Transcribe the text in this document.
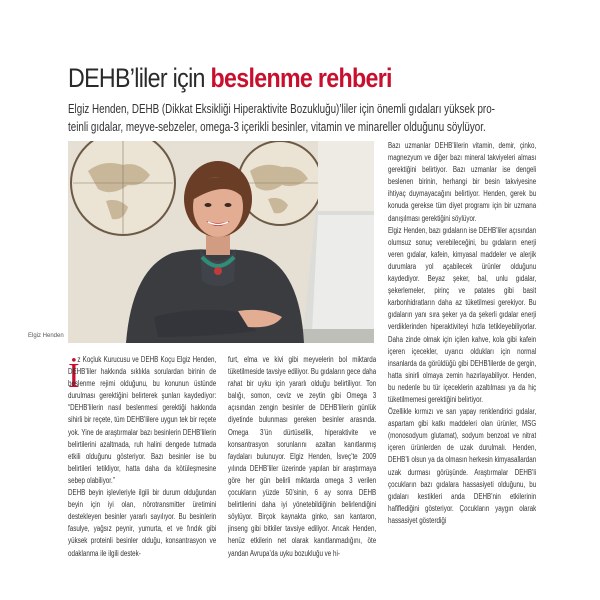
DEHB’liler için beslenme rehberi

Elgiz Henden, DEHB (Dikkat Eksikliği Hiperaktivite Bozukluğu)’liler için önemli gıdaları yüksek pro-
teinli gıdalar, meyve-sebzeler, omega-3 içerikli besinler, vitamin ve minareller olduğunu söylüyor.

Elgiz Henden
İ

z Koçluk Kurucusu ve DEHB Koçu Elgiz Henden, DEHB’liler hakkında sıklıkla sorulardan birinin de beslenme rejimi olduğunu, bu konunun üstünde durulması gerektiğini belirterek şunları kaydediyor: “DEHB’lilerin nasıl beslenmesi gerektiği hakkında sihirli bir reçete, tüm DEHB’lilere uygun tek bir reçete yok. Yine de araştırmalar bazı besinlerin DEHB’lilerin belirtilerini azaltmada, ruh halini dengede tutmada etkili olduğunu gösteriyor. Bazı besinler ise bu belirtileri tetikliyor, hatta daha da kötüleşmesine sebep olabiliyor.”
DEHB beyin işlevleriyle ilgili bir durum olduğundan beyin için iyi olan, nörotransmitter üretimini destekleyen besinler yararlı sayılıyor. Bu besinlerin fasulye, yağsız peynir, yumurta, et ve fındık gibi yüksek proteinli besinler olduğu, konsantrasyon ve odaklanma ile ilgili destek-

furt, elma ve kivi gibi meyvelerin bol miktarda tüketilmeside tavsiye ediliyor. Bu gıdaların gece daha rahat bir uyku için yararlı olduğu belirtiliyor. Ton balığı, somon, ceviz ve zeytin gibi Omega 3 açısından zengin besinler de DEHB’lilerin günlük diyetinde bulunması gereken besinler arasında. Omega 3’ün dürtüsellik, hiperaktivite ve konsantrasyon sorunlarını azaltan kanıtlanmış faydaları bulunuyor. Elgiz Henden, İsveç’te 2009 yılında DEHB’liler üzerinde yapılan bir araştırmaya göre her gün belirli miktarda omega 3 verilen çocukların yüzde 50’sinin, 6 ay sonra DEHB belirtilerini daha iyi yönetebildiğinin belirlendiğini söylüyor. Birçok kaynakta ginko, sarı kantaron, jinseng gibi bitkiler tavsiye ediliyor. Ancak Henden, henüz etkilerin net olarak kanıtlanmadığını, öte yandan Avrupa’da uyku bozukluğu ve hi-

Bazı uzmanlar DEHB’lilerin vitamin, demir, çinko, magnezyum ve diğer bazı mineral takviyeleri alması gerektiğini belirtiyor. Bazı uzmanlar ise dengeli beslenen birinin, herhangi bir besin takviyesine ihtiyaç duymayacağını belirtiyor. Henden, gerek bu konuda gerekse tüm diyet programı için bir uzmana danışılması gerektiğini söylüyor.
Elgiz Henden, bazı gıdaların ise DEHB’liler açısından olumsuz sonuç verebileceğini, bu gıdaların enerji veren gıdalar, kafein, kimyasal maddeler ve alerjik durumlara yol açabilecek ürünler olduğunu kaydediyor. Beyaz şeker, bal, unlu gıdalar, şekerlemeler, pirinç ve patates gibi basit karbonhidratların daha az tüketilmesi gerekiyor. Bu gıdaların yanı sıra şeker ya da şekerli gıdalar enerji verdiklerinden hiperaktiviteyi hızla tetikleyebiliyorlar. Daha zinde olmak için içilen kahve, kola gibi kafein içeren içecekler, uyarıcı oldukları için normal insanlarda da görüldüğü gibi DEHB’lilerde de gergin, hatta sinirli olmaya zemin hazırlayabiliyor. Henden, bu nedenle bu tür içeceklerin azaltılması ya da hiç tüketilmemesi gerektiğini belirtiyor.
Özellikle kırmızı ve sarı yapay renklendirici gıdalar, aspartam gibi katkı maddeleri olan ürünler, MSG (monosodyum glutamat), sodyum benzoat ve nitrat içeren ürünlerden de uzak durulmalı. Henden, DEHB’li olsun ya da olmasın herkesin kimyasallardan uzak durması görüşünde. Araştırmalar DEHB’li çocukların bazı gıdalara hassasiyeti olduğunu, bu gıdaları kestikleri anda DEHB’nin etkilerinin hafiflediğini gösteriyor. Çocukların yaygın olarak hassasiyet gösterdiği
